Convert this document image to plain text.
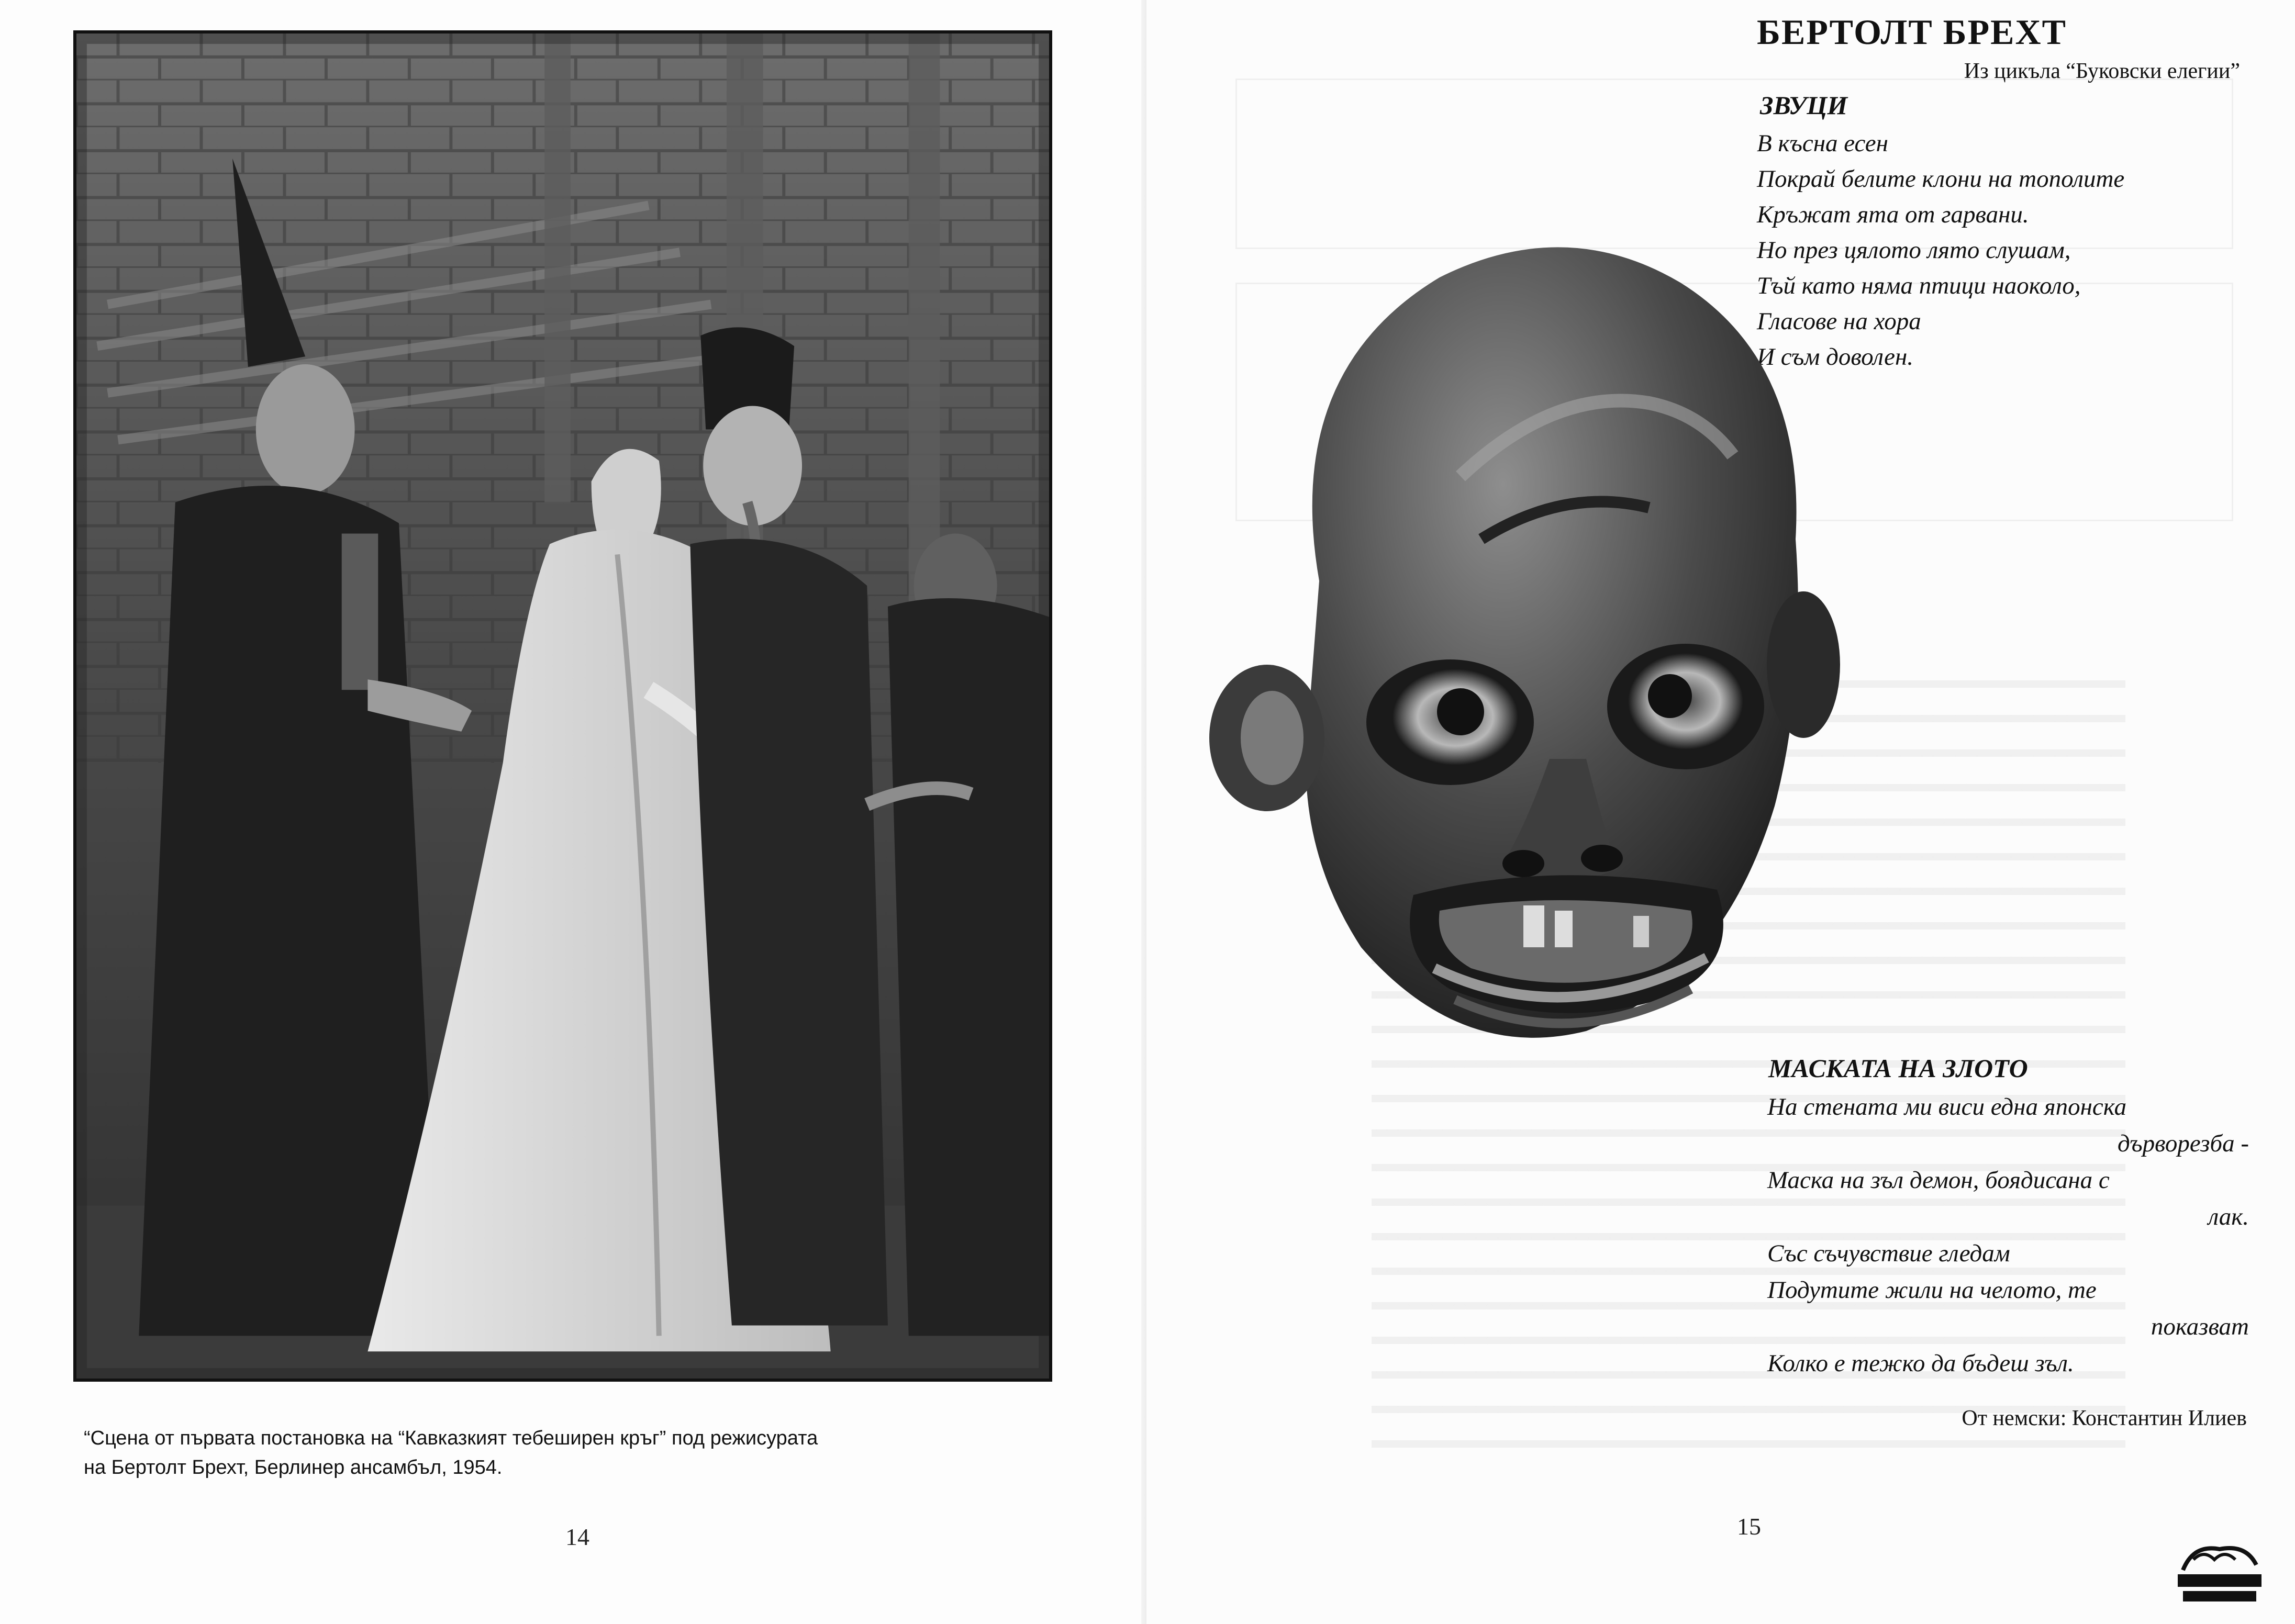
“Сцена от първата постановка на “Кавказкият тебеширен кръг” под режисурата
на Бертолт Брехт, Берлинер ансамбъл, 1954.
14
БЕРТОЛТ БРЕХТ
Из цикъла “Буковски елегии”
ЗВУЦИ
В късна есен
Покрай белите клони на тополите
Кръжат ята от гарвани.
Но през цялото лято слушам,
Тъй като няма птици наоколо,
Гласове на хора
И съм доволен.
МАСКАТА НА ЗЛОТО
На стената ми виси една японска
дърворезба -
Маска на зъл демон, боядисана с
лак.
Със съчувствие гледам
Подутите жили на челото, те
показват
Колко е тежко да бъдеш зъл.
От немски: Константин Илиев
15
